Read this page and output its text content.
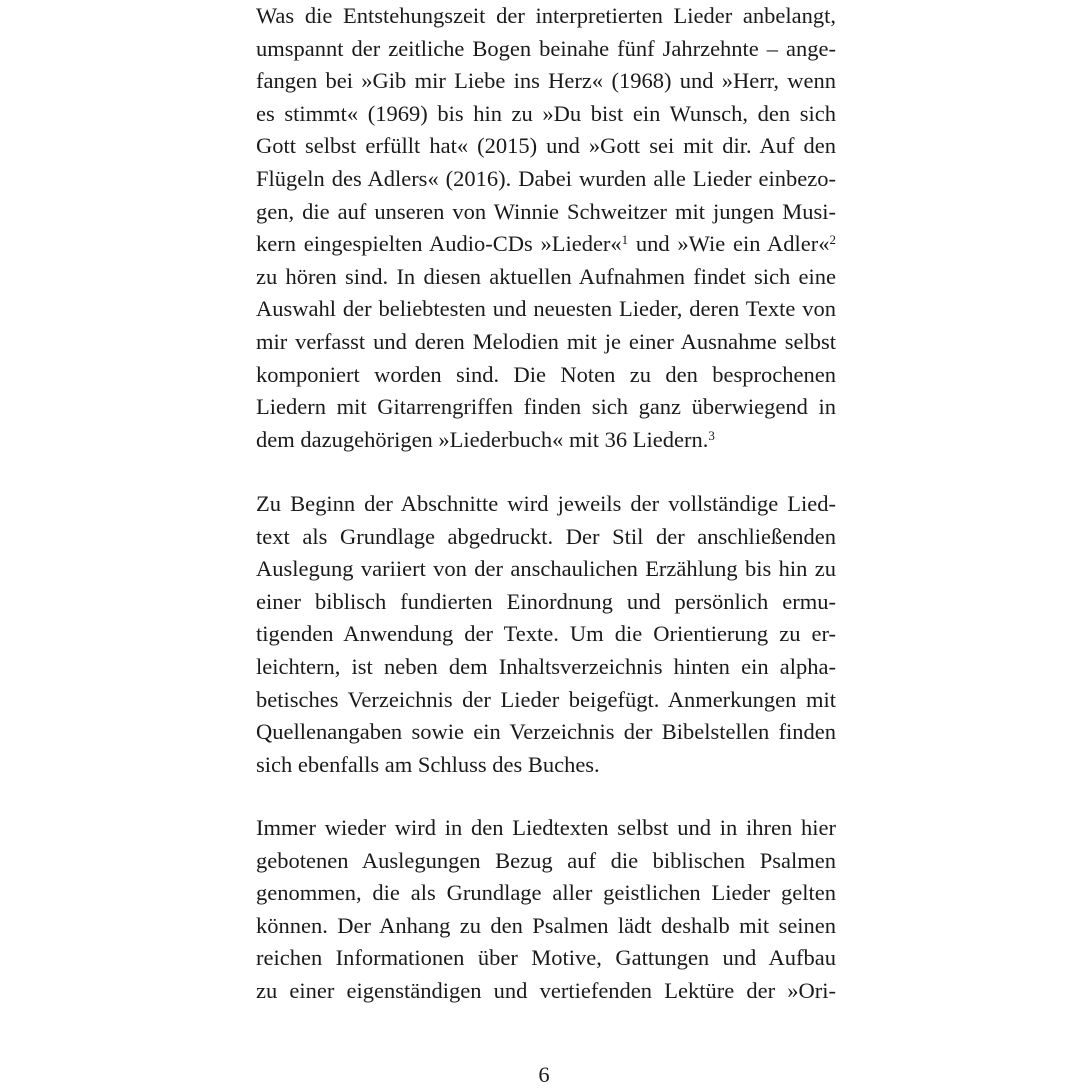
Was die Entstehungszeit der interpretierten Lieder anbelangt,
umspannt der zeitliche Bogen beinahe fünf Jahrzehnte – ange-
fangen bei »Gib mir Liebe ins Herz« (1968) und »Herr, wenn
es stimmt« (1969) bis hin zu »Du bist ein Wunsch, den sich
Gott selbst erfüllt hat« (2015) und »Gott sei mit dir. Auf den
Flügeln des Adlers« (2016). Dabei wurden alle Lieder einbezo-
gen, die auf unseren von Winnie Schweitzer mit jungen Musi-
kern eingespielten Audio-CDs »Lieder«$^1$ und »Wie ein Adler«$^2$
zu hören sind. In diesen aktuellen Aufnahmen findet sich eine
Auswahl der beliebtesten und neuesten Lieder, deren Texte von
mir verfasst und deren Melodien mit je einer Ausnahme selbst
komponiert worden sind. Die Noten zu den besprochenen
Liedern mit Gitarrengriffen finden sich ganz überwiegend in
dem dazugehörigen »Liederbuch« mit 36 Liedern.$^3$
Zu Beginn der Abschnitte wird jeweils der vollständige Lied-
text als Grundlage abgedruckt. Der Stil der anschließenden
Auslegung variiert von der anschaulichen Erzählung bis hin zu
einer biblisch fundierten Einordnung und persönlich ermu-
tigenden Anwendung der Texte. Um die Orientierung zu er-
leichtern, ist neben dem Inhaltsverzeichnis hinten ein alpha-
betisches Verzeichnis der Lieder beigefügt. Anmerkungen mit
Quellenangaben sowie ein Verzeichnis der Bibelstellen finden
sich ebenfalls am Schluss des Buches.
Immer wieder wird in den Liedtexten selbst und in ihren hier
gebotenen Auslegungen Bezug auf die biblischen Psalmen
genommen, die als Grundlage aller geistlichen Lieder gelten
können. Der Anhang zu den Psalmen lädt deshalb mit seinen
reichen Informationen über Motive, Gattungen und Aufbau
zu einer eigenständigen und vertiefenden Lektüre der »Ori-
6
